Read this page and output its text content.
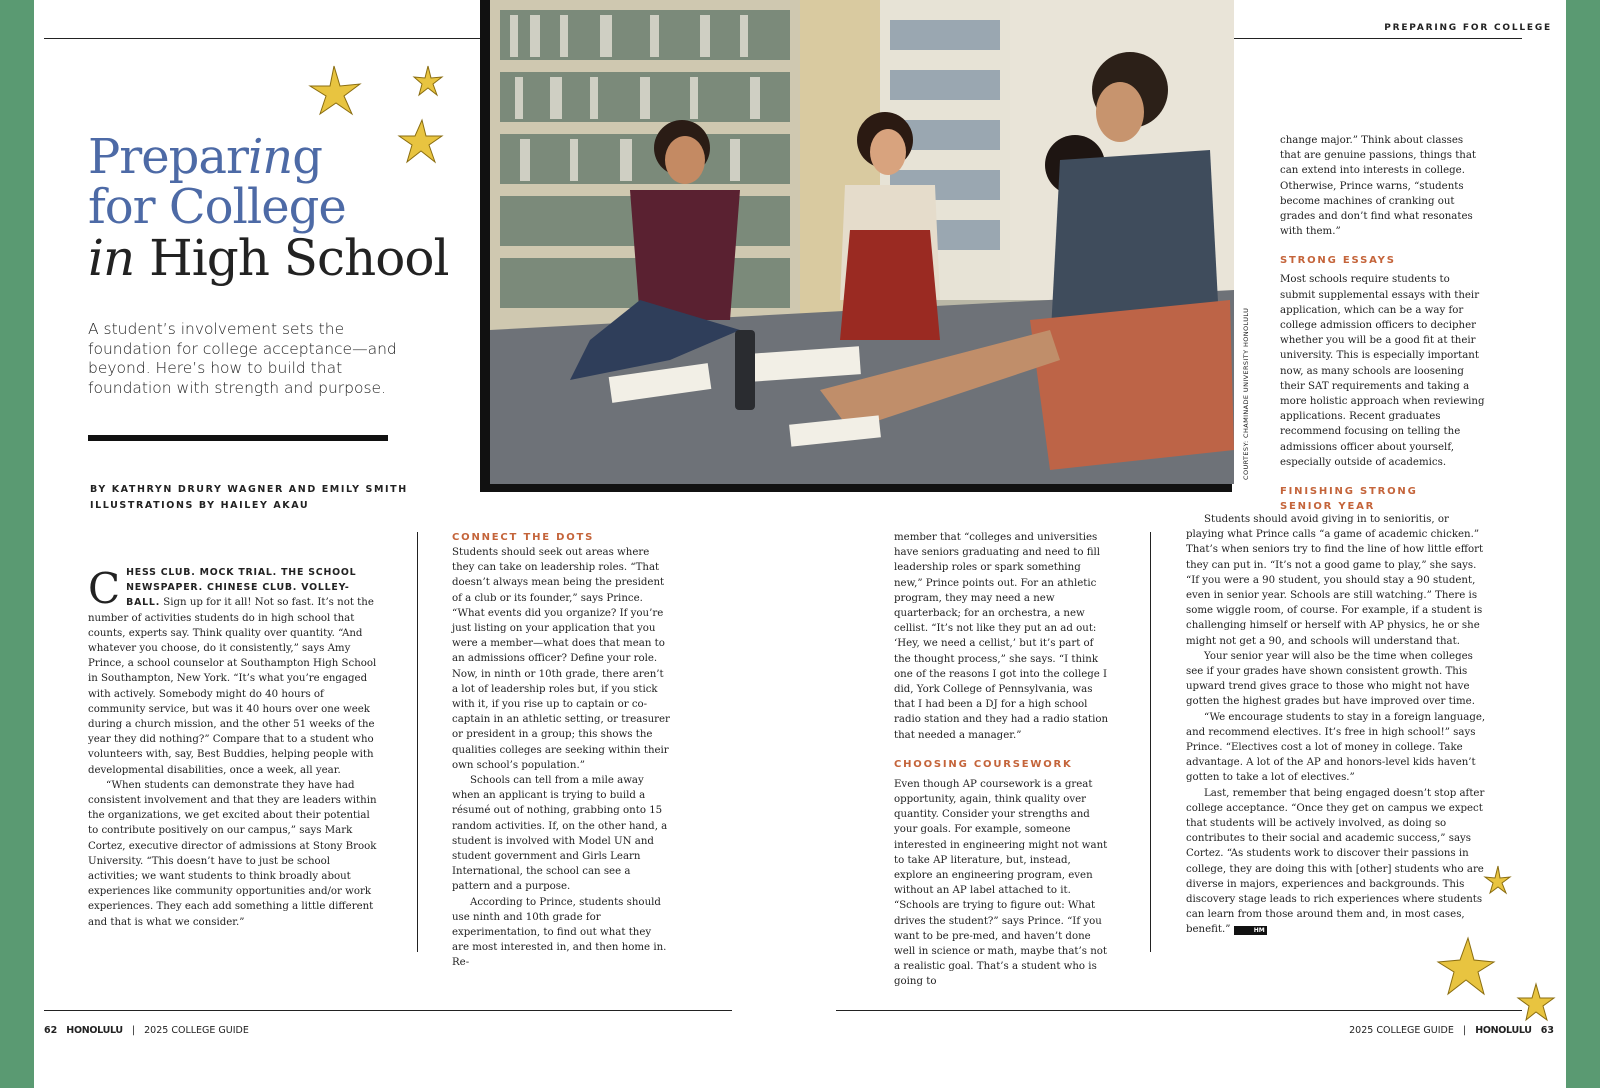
PREPARING FOR COLLEGE
Preparing
for College
in High School
A student’s involvement sets the foundation for college acceptance—and beyond. Here’s how to build that foundation with strength and purpose.
BY KATHRYN DRURY WAGNER AND EMILY SMITH
ILLUSTRATIONS BY HAILEY AKAU
COURTESY: CHAMINADE UNIVERSITY HONOLULU

CHESS CLUB. MOCK TRIAL. THE SCHOOL NEWSPAPER. CHINESE CLUB. VOLLEY-BALL. Sign up for it all! Not so fast. It’s not the number of activities students do in high school that counts, experts say. Think quality over quantity. “And whatever you choose, do it consistently,” says Amy Prince, a school counselor at Southampton High School in Southampton, New York. “It’s what you’re engaged with actively. Somebody might do 40 hours of community service, but was it 40 hours over one week during a church mission, and the other 51 weeks of the year they did nothing?” Compare that to a student who volunteers with, say, Best Buddies, helping people with developmental disabilities, once a week, all year.

“When students can demonstrate they have had consistent involvement and that they are leaders within the organizations, we get excited about their potential to contribute positively on our campus,” says Mark Cortez, executive director of admissions at Stony Brook University. “This doesn’t have to just be school activities; we want students to think broadly about experiences like community opportunities and/or work experiences. They each add something a little different and that is what we consider.”

CONNECT THE DOTS

Students should seek out areas where they can take on leadership roles. “That doesn’t always mean being the president of a club or its founder,” says Prince. “What events did you organize? If you’re just listing on your application that you were a member—what does that mean to an admissions officer? Define your role. Now, in ninth or 10th grade, there aren’t a lot of leadership roles but, if you stick with it, if you rise up to captain or co-captain in an athletic setting, or treasurer or president in a group; this shows the qualities colleges are seeking within their own school’s population.”

Schools can tell from a mile away when an applicant is trying to build a résumé out of nothing, grabbing onto 15 random activities. If, on the other hand, a student is involved with Model UN and student government and Girls Learn International, the school can see a pattern and a purpose.

According to Prince, students should use ninth and 10th grade for experimentation, to find out what they are most interested in, and then home in. Re-

member that “colleges and universities have seniors graduating and need to fill leadership roles or spark something new,” Prince points out. For an athletic program, they may need a new quarterback; for an orchestra, a new cellist. “It’s not like they put an ad out: ‘Hey, we need a cellist,’ but it’s part of the thought process,” she says. “I think one of the reasons I got into the college I did, York College of Pennsylvania, was that I had been a DJ for a high school radio station and they had a radio station that needed a manager.”

CHOOSING COURSEWORK

Even though AP coursework is a great opportunity, again, think quality over quantity. Consider your strengths and your goals. For example, someone interested in engineering might not want to take AP literature, but, instead, explore an engineering program, even without an AP label attached to it. “Schools are trying to figure out: What drives the student?” says Prince. “If you want to be pre-med, and haven’t done well in science or math, maybe that’s not a realistic goal. That’s a student who is going to

change major.” Think about classes that are genuine passions, things that can extend into interests in college. Otherwise, Prince warns, “students become machines of cranking out grades and don’t find what resonates with them.”

STRONG ESSAYS

Most schools require students to submit supplemental essays with their application, which can be a way for college admission officers to decipher whether you will be a good fit at their university. This is especially important now, as many schools are loosening their SAT requirements and taking a more holistic approach when reviewing applications. Recent graduates recommend focusing on telling the admissions officer about yourself, especially outside of academics.

FINISHING STRONG SENIOR YEAR

Students should avoid giving in to senioritis, or playing what Prince calls “a game of academic chicken.” That’s when seniors try to find the line of how little effort they can put in. “It’s not a good game to play,” she says. “If you were a 90 student, you should stay a 90 student, even in senior year. Schools are still watching.” There is some wiggle room, of course. For example, if a student is challenging himself or herself with AP physics, he or she might not get a 90, and schools will understand that.

Your senior year will also be the time when colleges see if your grades have shown consistent growth. This upward trend gives grace to those who might not have gotten the highest grades but have improved over time.

“We encourage students to stay in a foreign language, and recommend electives. It’s free in high school!” says Prince. “Electives cost a lot of money in college. Take advantage. A lot of the AP and honors-level kids haven’t gotten to take a lot of electives.”

Last, remember that being engaged doesn’t stop after college acceptance. “Once they get on campus we expect that students will be actively involved, as doing so contributes to their social and academic success,” says Cortez. “As students work to discover their passions in college, they are doing this with [other] students who are diverse in majors, experiences and backgrounds. This discovery stage leads to rich experiences where students can learn from those around them and, in most cases, benefit.”	HM

62 HONOLULU | 2025 COLLEGE GUIDE	2025 COLLEGE GUIDE | HONOLULU 63
